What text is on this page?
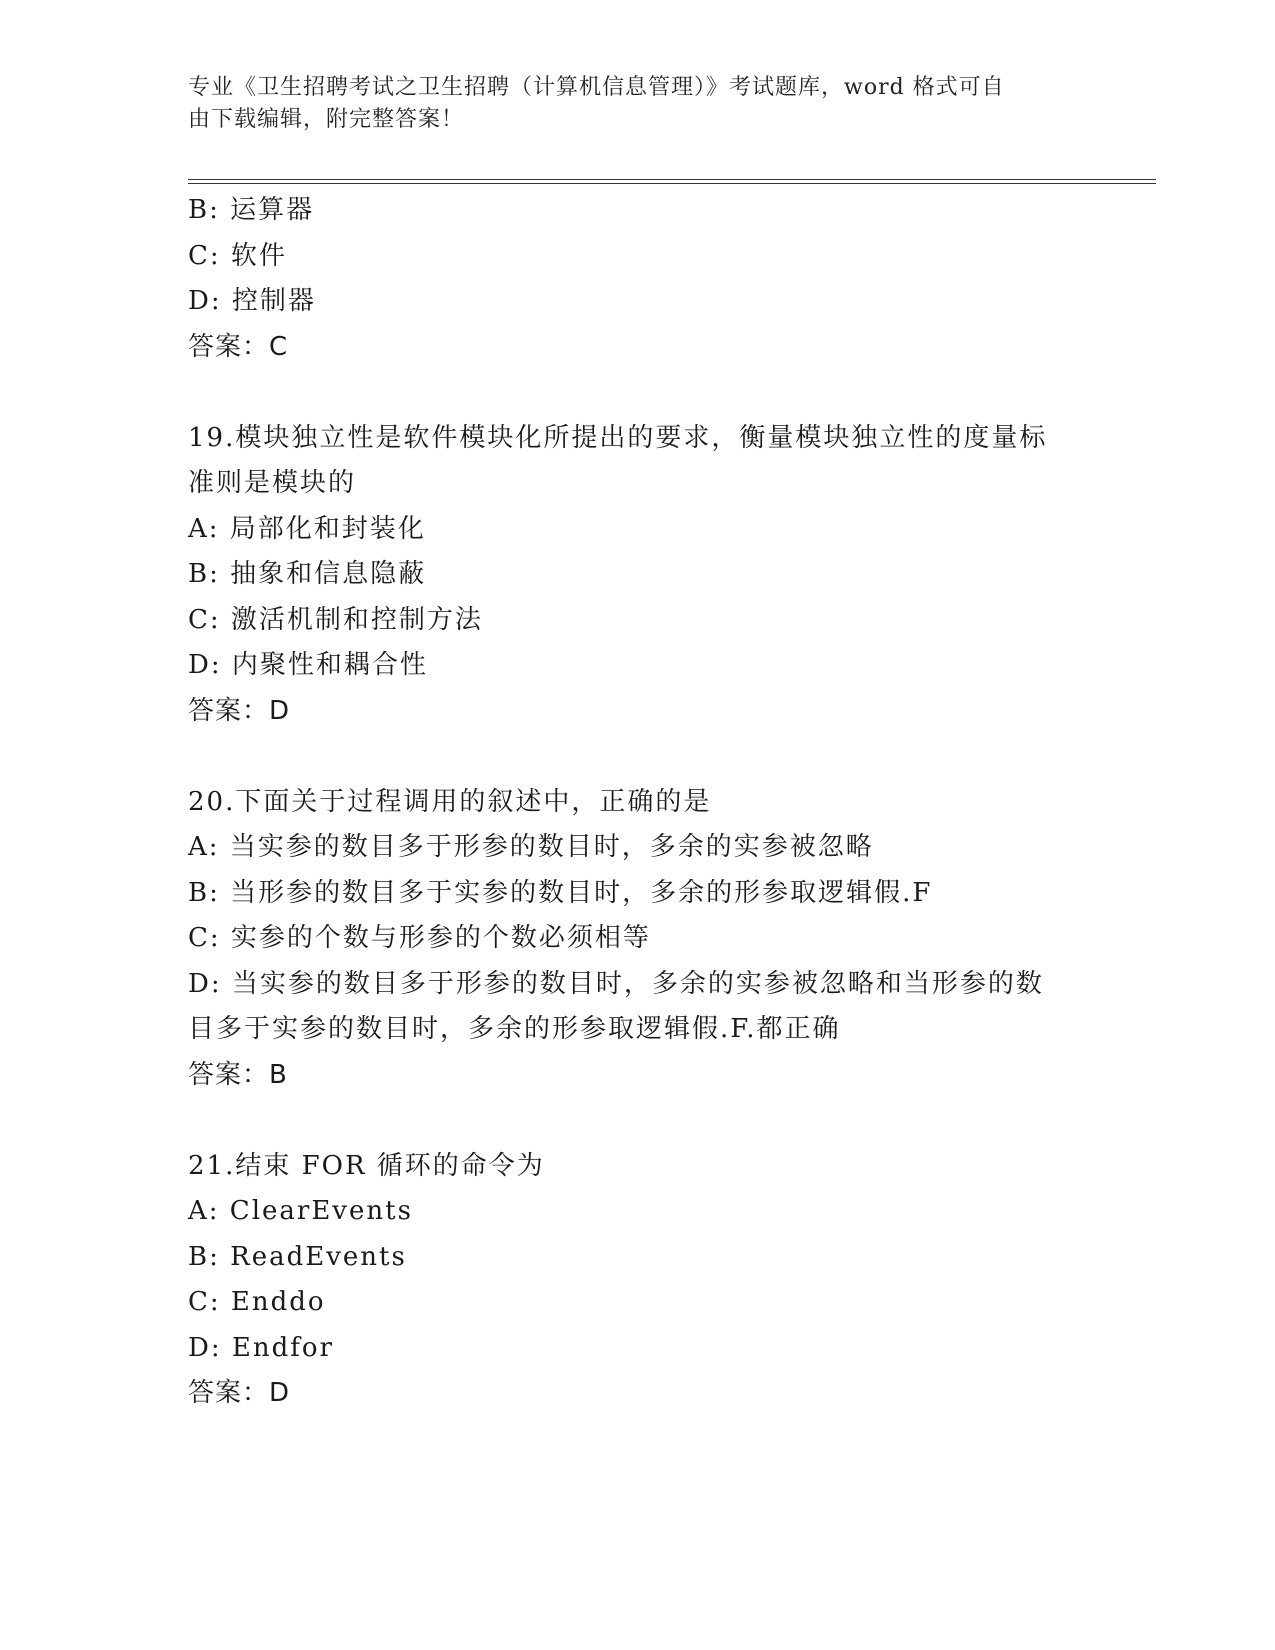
专业《卫生招聘考试之卫生招聘（计算机信息管理）》考试题库，word 格式可自
由下载编辑，附完整答案！
B: 运算器
C: 软件
D: 控制器
答案：C
19.模块独立性是软件模块化所提出的要求，衡量模块独立性的度量标
准则是模块的
A: 局部化和封装化
B: 抽象和信息隐蔽
C: 激活机制和控制方法
D: 内聚性和耦合性
答案：D
20.下面关于过程调用的叙述中，正确的是
A: 当实参的数目多于形参的数目时，多余的实参被忽略
B: 当形参的数目多于实参的数目时，多余的形参取逻辑假.F
C: 实参的个数与形参的个数必须相等
D: 当实参的数目多于形参的数目时，多余的实参被忽略和当形参的数
目多于实参的数目时，多余的形参取逻辑假.F.都正确
答案：B
21.结束 FOR 循环的命令为
A: ClearEvents
B: ReadEvents
C: Enddo
D: Endfor
答案：D
